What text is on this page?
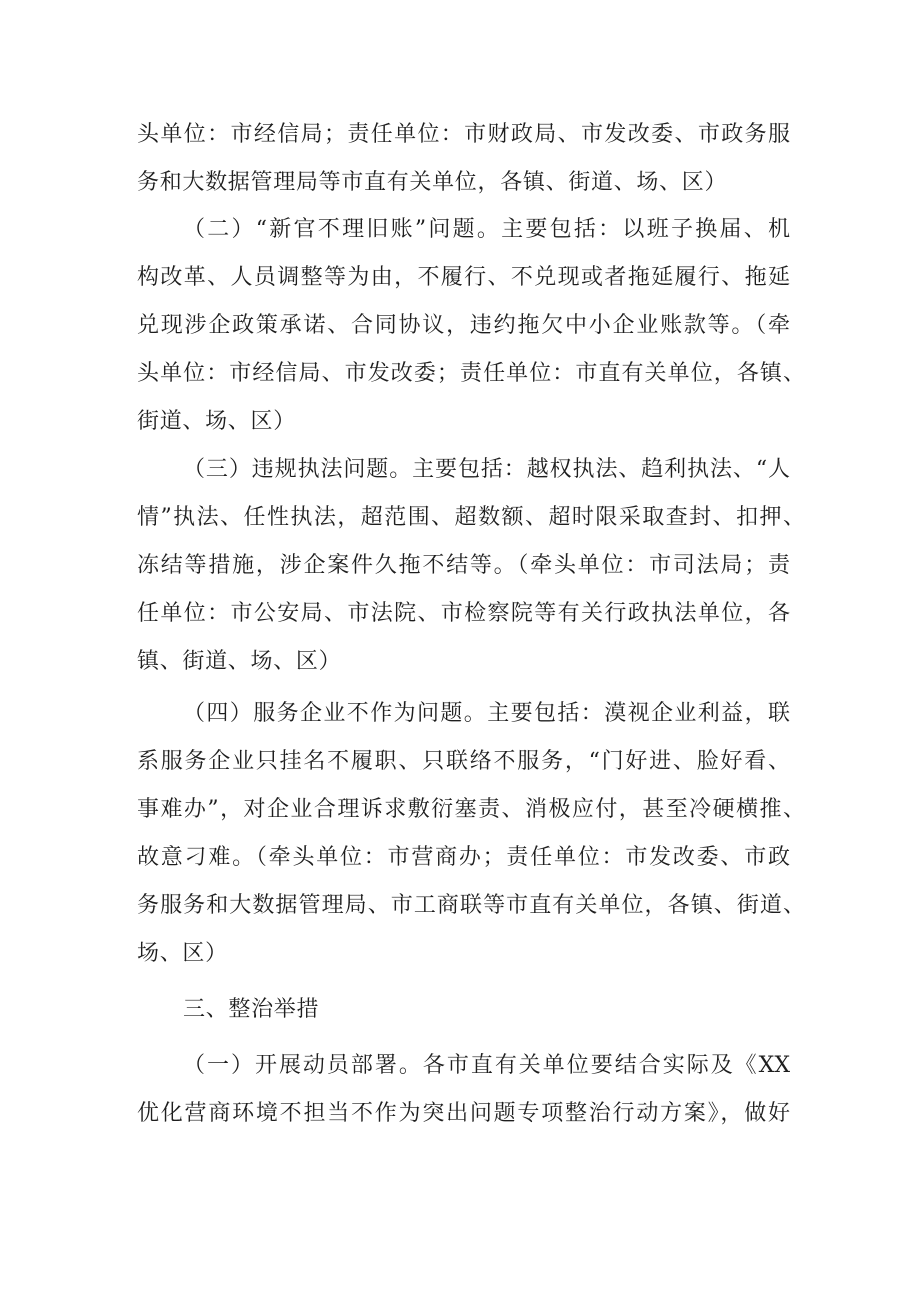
头单位：市经信局；责任单位：市财政局、市发改委、市政务服
务和大数据管理局等市直有关单位，各镇、街道、场、区）
（二）“新官不理旧账”问题。主要包括：以班子换届、机
构改革、人员调整等为由，不履行、不兑现或者拖延履行、拖延
兑现涉企政策承诺、合同协议，违约拖欠中小企业账款等。（牵
头单位：市经信局、市发改委；责任单位：市直有关单位，各镇、
街道、场、区）
（三）违规执法问题。主要包括：越权执法、趋利执法、“人
情”执法、任性执法，超范围、超数额、超时限采取查封、扣押、
冻结等措施，涉企案件久拖不结等。（牵头单位：市司法局；责
任单位：市公安局、市法院、市检察院等有关行政执法单位，各
镇、街道、场、区）
（四）服务企业不作为问题。主要包括：漠视企业利益，联
系服务企业只挂名不履职、只联络不服务，“门好进、脸好看、
事难办”，对企业合理诉求敷衍塞责、消极应付，甚至冷硬横推、
故意刁难。（牵头单位：市营商办；责任单位：市发改委、市政
务服务和大数据管理局、市工商联等市直有关单位，各镇、街道、
场、区）
三、整治举措
（一）开展动员部署。各市直有关单位要结合实际及《XX
优化营商环境不担当不作为突出问题专项整治行动方案》，做好
